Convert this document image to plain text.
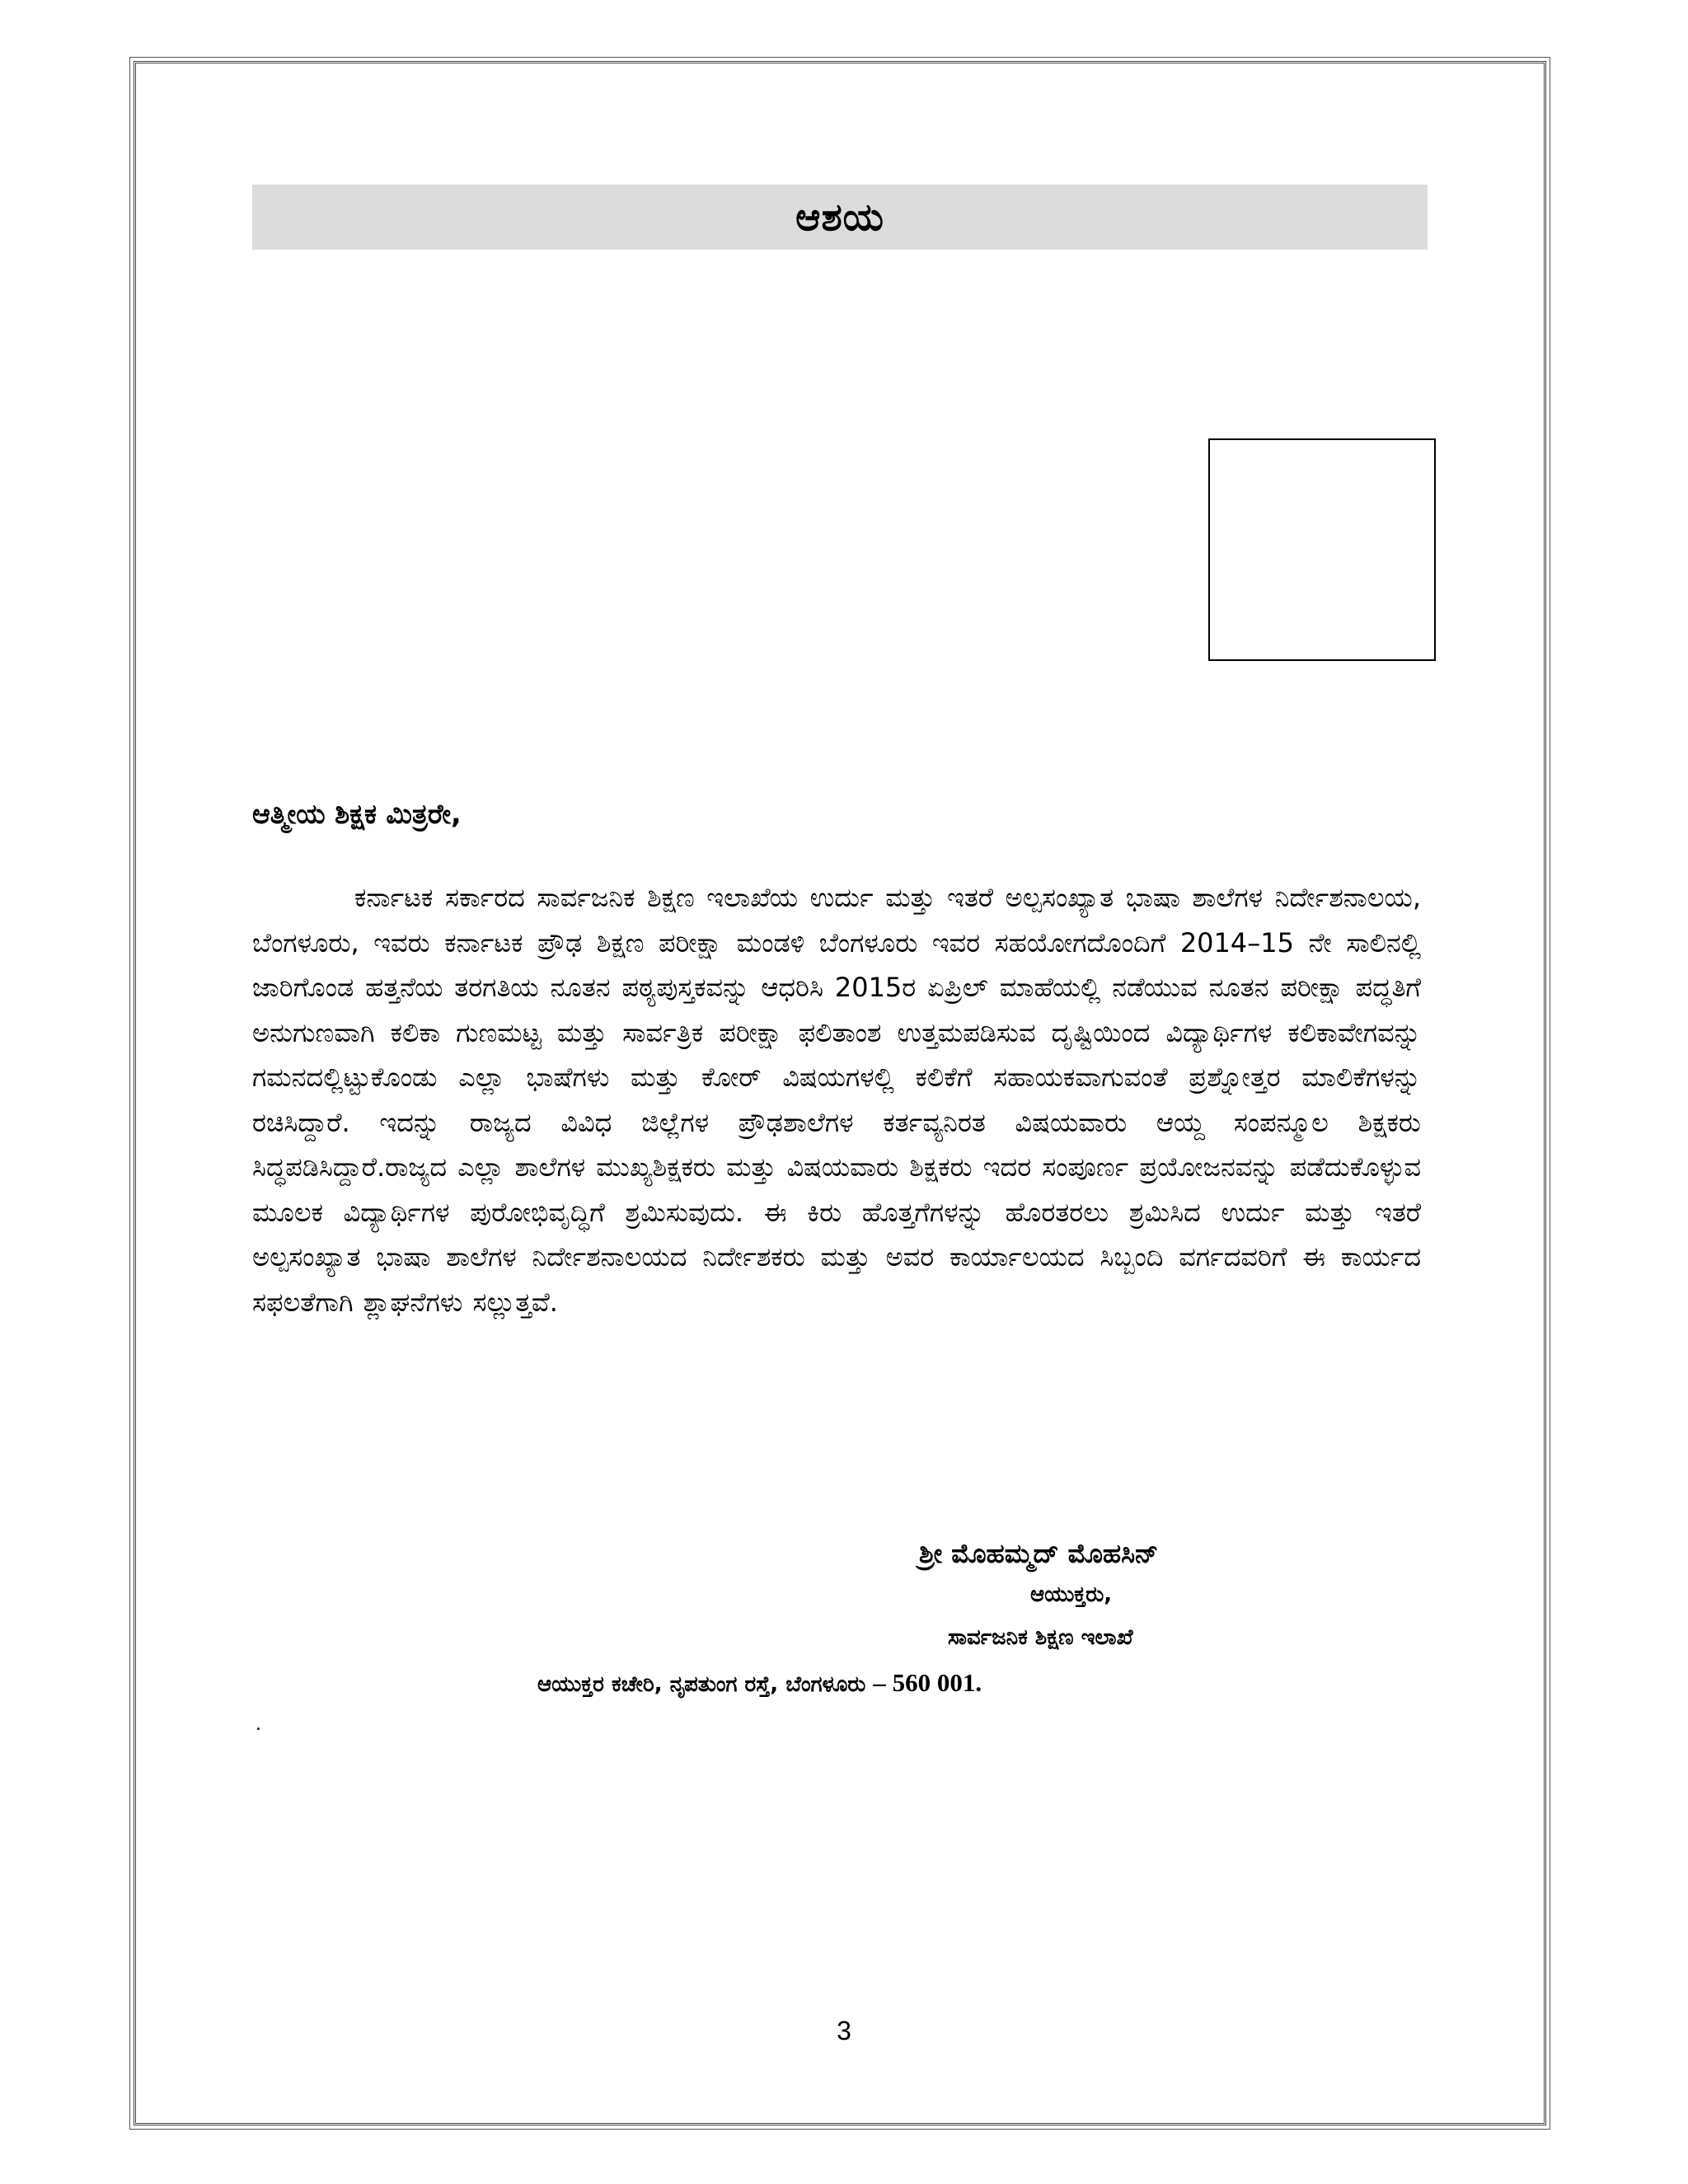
ಆಶಯ
ಆತ್ಮೀಯ ಶಿಕ್ಷಕ ಮಿತ್ರರೇ,

ಕರ್ನಾಟಕ ಸರ್ಕಾರದ ಸಾರ್ವಜನಿಕ ಶಿಕ್ಷಣ ಇಲಾಖೆಯ ಉರ್ದು ಮತ್ತು ಇತರೆ ಅಲ್ಪಸಂಖ್ಯಾತ ಭಾಷಾ ಶಾಲೆಗಳ ನಿರ್ದೇಶನಾಲಯ, ಬೆಂಗಳೂರು, ಇವರು ಕರ್ನಾಟಕ ಪ್ರೌಢ ಶಿಕ್ಷಣ ಪರೀಕ್ಷಾ ಮಂಡಳಿ ಬೆಂಗಳೂರು ಇವರ ಸಹಯೋಗದೊಂದಿಗೆ 2014–15 ನೇ ಸಾಲಿನಲ್ಲಿ ಜಾರಿಗೊಂಡ ಹತ್ತನೆಯ ತರಗತಿಯ ನೂತನ ಪಠ್ಯಪುಸ್ತಕವನ್ನು ಆಧರಿಸಿ 2015ರ ಏಪ್ರಿಲ್ ಮಾಹೆಯಲ್ಲಿ ನಡೆಯುವ ನೂತನ ಪರೀಕ್ಷಾ ಪದ್ಧತಿಗೆ ಅನುಗುಣವಾಗಿ ಕಲಿಕಾ ಗುಣಮಟ್ಟ ಮತ್ತು ಸಾರ್ವತ್ರಿಕ ಪರೀಕ್ಷಾ ಫಲಿತಾಂಶ ಉತ್ತಮಪಡಿಸುವ ದೃಷ್ಟಿಯಿಂದ ವಿದ್ಯಾರ್ಥಿಗಳ ಕಲಿಕಾವೇಗವನ್ನು ಗಮನದಲ್ಲಿಟ್ಟುಕೊಂಡು ಎಲ್ಲಾ ಭಾಷೆಗಳು ಮತ್ತು ಕೋರ್ ವಿಷಯಗಳಲ್ಲಿ ಕಲಿಕೆಗೆ ಸಹಾಯಕವಾಗುವಂತೆ ಪ್ರಶ್ನೋತ್ತರ ಮಾಲಿಕೆಗಳನ್ನು ರಚಿಸಿದ್ದಾರೆ. ಇದನ್ನು ರಾಜ್ಯದ ವಿವಿಧ ಜಿಲ್ಲೆಗಳ ಪ್ರೌಢಶಾಲೆಗಳ ಕರ್ತವ್ಯನಿರತ ವಿಷಯವಾರು ಆಯ್ದ ಸಂಪನ್ಮೂಲ ಶಿಕ್ಷಕರು ಸಿದ್ಧಪಡಿಸಿದ್ದಾರೆ.ರಾಜ್ಯದ ಎಲ್ಲಾ ಶಾಲೆಗಳ ಮುಖ್ಯಶಿಕ್ಷಕರು ಮತ್ತು ವಿಷಯವಾರು ಶಿಕ್ಷಕರು ಇದರ ಸಂಪೂರ್ಣ ಪ್ರಯೋಜನವನ್ನು ಪಡೆದುಕೊಳ್ಳುವ ಮೂಲಕ ವಿದ್ಯಾರ್ಥಿಗಳ ಪುರೋಭಿವೃದ್ಧಿಗೆ ಶ್ರಮಿಸುವುದು. ಈ ಕಿರು ಹೊತ್ತಗೆಗಳನ್ನು ಹೊರತರಲು ಶ್ರಮಿಸಿದ ಉರ್ದು ಮತ್ತು ಇತರೆ ಅಲ್ಪಸಂಖ್ಯಾತ ಭಾಷಾ ಶಾಲೆಗಳ ನಿರ್ದೇಶನಾಲಯದ ನಿರ್ದೇಶಕರು ಮತ್ತು ಅವರ ಕಾರ್ಯಾಲಯದ ಸಿಬ್ಬಂದಿ ವರ್ಗದವರಿಗೆ ಈ ಕಾರ್ಯದ ಸಫಲತೆಗಾಗಿ ಶ್ಲಾಘನೆಗಳು ಸಲ್ಲುತ್ತವೆ.

ಶ್ರೀ ಮೊಹಮ್ಮದ್ ಮೊಹಸಿನ್
ಆಯುಕ್ತರು,
ಸಾರ್ವಜನಿಕ ಶಿಕ್ಷಣ ಇಲಾಖೆ
ಆಯುಕ್ತರ ಕಚೇರಿ, ನೃಪತುಂಗ ರಸ್ತೆ, ಬೆಂಗಳೂರು – 560 001.
.
3
